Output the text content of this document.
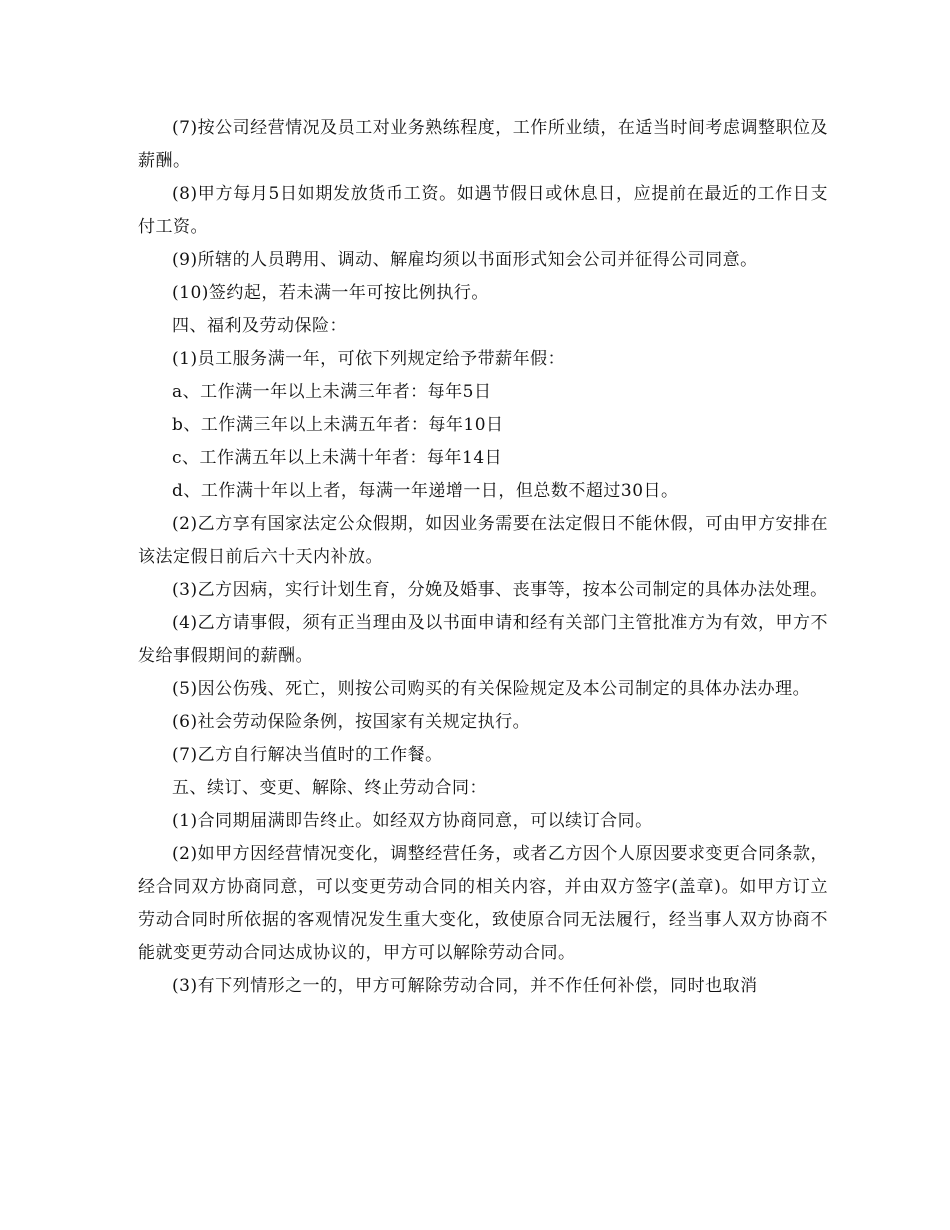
(7)按公司经营情况及员工对业务熟练程度，工作所业绩，在适当时间考虑调整职位及薪酬。

(8)甲方每月5日如期发放货币工资。如遇节假日或休息日，应提前在最近的工作日支付工资。

(9)所辖的人员聘用、调动、解雇均须以书面形式知会公司并征得公司同意。

(10)签约起，若未满一年可按比例执行。

四、福利及劳动保险：

(1)员工服务满一年，可依下列规定给予带薪年假：

a、工作满一年以上未满三年者：每年5日

b、工作满三年以上未满五年者：每年10日

c、工作满五年以上未满十年者：每年14日

d、工作满十年以上者，每满一年递增一日，但总数不超过30日。

(2)乙方享有国家法定公众假期，如因业务需要在法定假日不能休假，可由甲方安排在该法定假日前后六十天内补放。

(3)乙方因病，实行计划生育，分娩及婚事、丧事等，按本公司制定的具体办法处理。

(4)乙方请事假，须有正当理由及以书面申请和经有关部门主管批准方为有效，甲方不发给事假期间的薪酬。

(5)因公伤残、死亡，则按公司购买的有关保险规定及本公司制定的具体办法办理。

(6)社会劳动保险条例，按国家有关规定执行。

(7)乙方自行解决当值时的工作餐。

五、续订、变更、解除、终止劳动合同：

(1)合同期届满即告终止。如经双方协商同意，可以续订合同。

(2)如甲方因经营情况变化，调整经营任务，或者乙方因个人原因要求变更合同条款，经合同双方协商同意，可以变更劳动合同的相关内容，并由双方签字(盖章)。如甲方订立劳动合同时所依据的客观情况发生重大变化，致使原合同无法履行，经当事人双方协商不能就变更劳动合同达成协议的，甲方可以解除劳动合同。

(3)有下列情形之一的，甲方可解除劳动合同，并不作任何补偿，同时也取消
